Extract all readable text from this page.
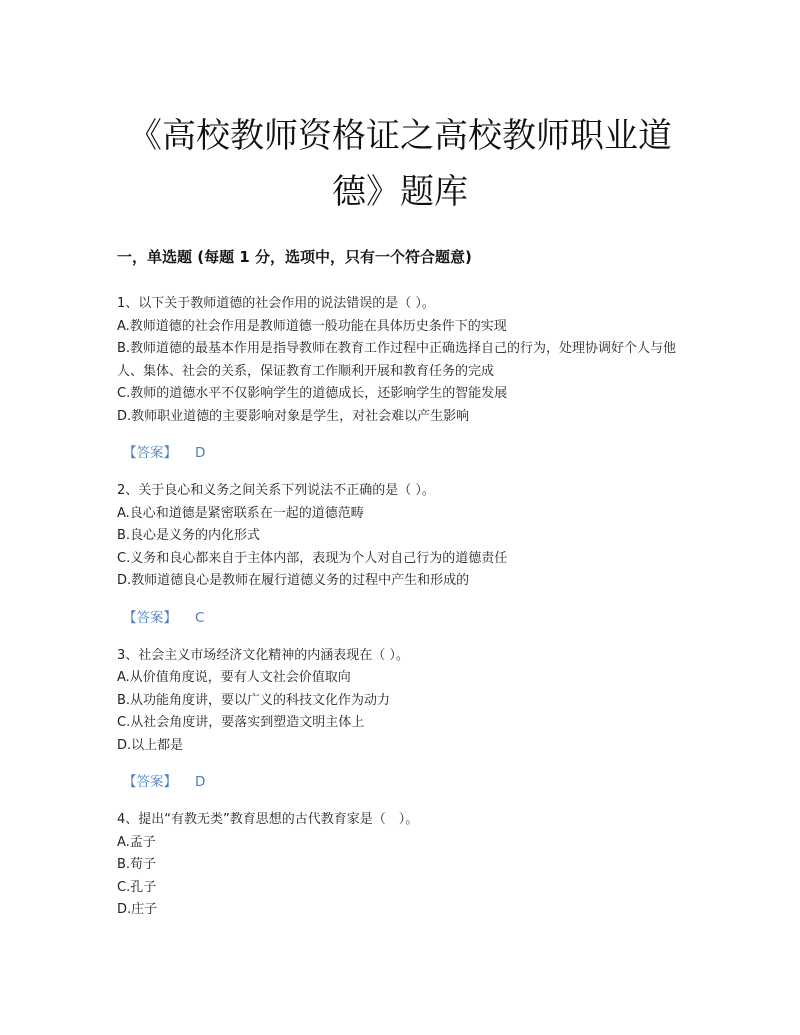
《高校教师资格证之高校教师职业道
德》题库
一，单选题 (每题 1 分，选项中，只有一个符合题意)

1、以下关于教师道德的社会作用的说法错误的是（ ）。

A.教师道德的社会作用是教师道德一般功能在具体历史条件下的实现

B.教师道德的最基本作用是指导教师在教育工作过程中正确选择自己的行为，处理协调好个人与他人、集体、社会的关系，保证教育工作顺利开展和教育任务的完成

C.教师的道德水平不仅影响学生的道德成长，还影响学生的智能发展

D.教师职业道德的主要影响对象是学生，对社会难以产生影响

【答案】 D

2、关于良心和义务之间关系下列说法不正确的是（ ）。

A.良心和道德是紧密联系在一起的道德范畴

B.良心是义务的内化形式

C.义务和良心都来自于主体内部，表现为个人对自己行为的道德责任

D.教师道德良心是教师在履行道德义务的过程中产生和形成的

【答案】 C

3、社会主义市场经济文化精神的内涵表现在（ ）。

A.从价值角度说，要有人文社会价值取向

B.从功能角度讲，要以广义的科技文化作为动力

C.从社会角度讲，要落实到塑造文明主体上

D.以上都是

【答案】 D

4、提出“有教无类”教育思想的古代教育家是（　）。

A.孟子

B.荀子

C.孔子

D.庄子
